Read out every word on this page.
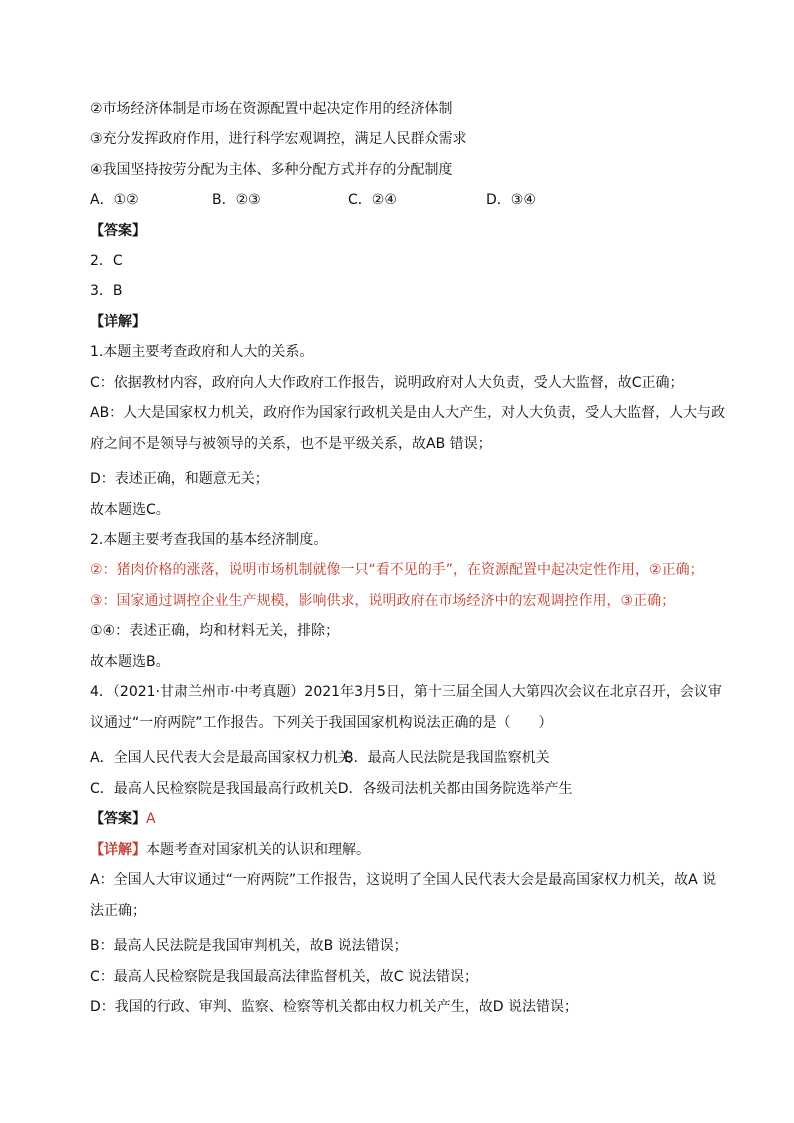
②市场经济体制是市场在资源配置中起决定作用的经济体制
③充分发挥政府作用，进行科学宏观调控，满足人民群众需求
④我国坚持按劳分配为主体、多种分配方式并存的分配制度
A．①②	B．②③	C．②④	D．③④
【答案】
2．C
3．B
【详解】
1.本题主要考查政府和人大的关系。
C：依据教材内容，政府向人大作政府工作报告，说明政府对人大负责，受人大监督，故C正确；
AB：人大是国家权力机关，政府作为国家行政机关是由人大产生，对人大负责，受人大监督，人大与政府之间不是领导与被领导的关系，也不是平级关系，故AB 错误；
D：表述正确，和题意无关；
故本题选C。
2.本题主要考查我国的基本经济制度。
②：猪肉价格的涨落，说明市场机制就像一只“看不见的手”，在资源配置中起决定性作用，②正确；
③：国家通过调控企业生产规模，影响供求，说明政府在市场经济中的宏观调控作用，③正确；
①④：表述正确，均和材料无关，排除；
故本题选B。
4．（2021·甘肃兰州市·中考真题）2021年3月5日，第十三届全国人大第四次会议在北京召开，会议审议通过“一府两院”工作报告。下列关于我国国家机构说法正确的是（　　）
A．全国人民代表大会是最高国家权力机关
B．最高人民法院是我国监察机关
C．最高人民检察院是我国最高行政机关 D．各级司法机关都由国务院选举产生
【答案】A
【详解】本题考查对国家机关的认识和理解。
A：全国人大审议通过“一府两院”工作报告，这说明了全国人民代表大会是最高国家权力机关，故A 说法正确；
B：最高人民法院是我国审判机关，故B 说法错误；
C：最高人民检察院是我国最高法律监督机关，故C 说法错误；
D：我国的行政、审判、监察、检察等机关都由权力机关产生，故D 说法错误；
